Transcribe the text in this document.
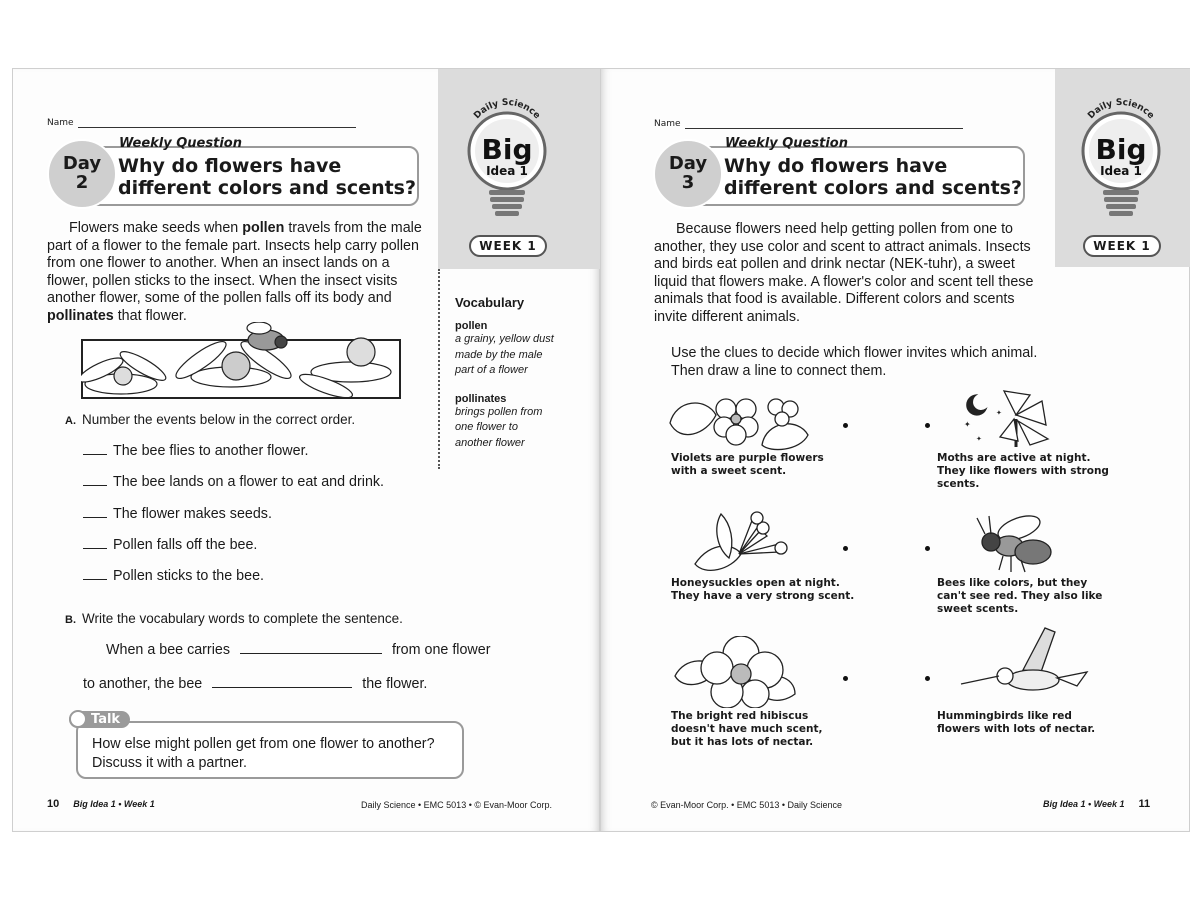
Name
Day
2
Weekly Question
Why do flowers have
different colors and scents?
Daily Science
Big
Idea 1
WEEK 1
Flowers make seeds when pollen travels from the male part of a flower to the female part. Insects help carry pollen from one flower to another. When an insect lands on a flower, pollen sticks to the insect. When the insect visits another flower, some of the pollen falls off its body and pollinates that flower.
Vocabulary
pollen
a grainy, yellow dust made by the male part of a flower
pollinates
brings pollen from one flower to another flower
A. Number the events below in the correct order.
The bee flies to another flower.
The bee lands on a flower to eat and drink.
The flower makes seeds.
Pollen falls off the bee.
Pollen sticks to the bee.
B. Write the vocabulary words to complete the sentence.
When a bee carries	from one flower
to another, the bee	the flower.
How else might pollen get from one flower to another?
Discuss it with a partner.
Talk
10 Big Idea 1 • Week 1	Daily Science • EMC 5013 • © Evan-Moor Corp.
Name
Day
3
Weekly Question
Why do flowers have
different colors and scents?
Daily Science
Big
Idea 1
WEEK 1
Because flowers need help getting pollen from one to another, they use color and scent to attract animals. Insects and birds eat pollen and drink nectar (NEK-tuhr), a sweet liquid that flowers make. A flower's color and scent tell these animals that food is available. Different colors and scents invite different animals.
Use the clues to decide which flower invites which animal.
Then draw a line to connect them.
Violets are purple flowers
with a sweet scent.
✦
✦
✦
Moths are active at night.
They like flowers with strong
scents.
Honeysuckles open at night.
They have a very strong scent.
Bees like colors, but they
can't see red. They also like
sweet scents.
The bright red hibiscus
doesn't have much scent,
but it has lots of nectar.
Hummingbirds like red
flowers with lots of nectar.
© Evan-Moor Corp. • EMC 5013 • Daily Science	Big Idea 1 • Week 1 11
